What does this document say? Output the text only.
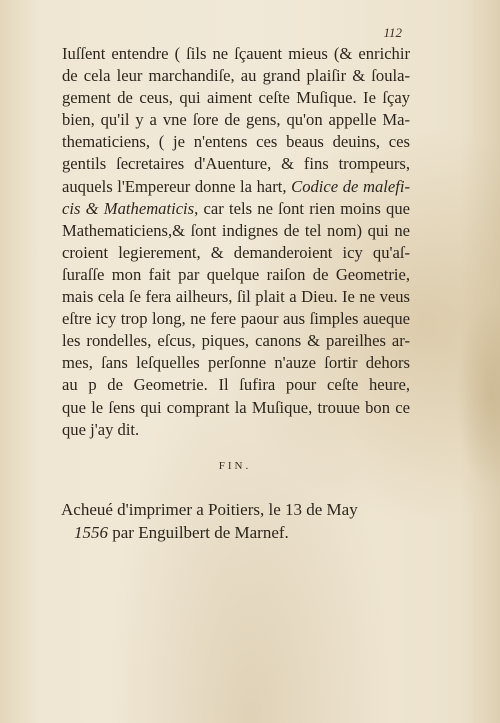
112
Iuſſent entendre ( ſils ne ſçauent mieus (& enrichir
de cela leur marchandiſe, au grand plaiſir & ſoula-
gement de ceus, qui aiment ceſte Muſique. Ie ſçay
bien, qu'il y a vne ſore de gens, qu'on appelle Ma-
thematiciens, ( je n'entens ces beaus deuins, ces
gentils ſecretaires d'Auenture, & fins trompeurs,
auquels l'Empereur donne la hart, Codice de malefi-
cis & Mathematicis, car tels ne ſont rien moins que
Mathematiciens,& ſont indignes de tel nom) qui ne
croient legierement, & demanderoient icy qu'aſ-
ſuraſſe mon fait par quelque raiſon de Geometrie,
mais cela ſe fera ailheurs, ſil plait a Dieu. Ie ne veus
eſtre icy trop long, ne fere paour aus ſimples aueque
les rondelles, eſcus, piques, canons & pareilhes ar-
mes, ſans leſquelles perſonne n'auze ſortir dehors
au p de Geometrie. Il ſufira pour ceſte heure,
que le ſens qui comprant la Muſique, trouue bon ce
que j'ay dit.
FIN.
Acheué d'imprimer a Poitiers, le 13 de May
1556 par Enguilbert de Marnef.
